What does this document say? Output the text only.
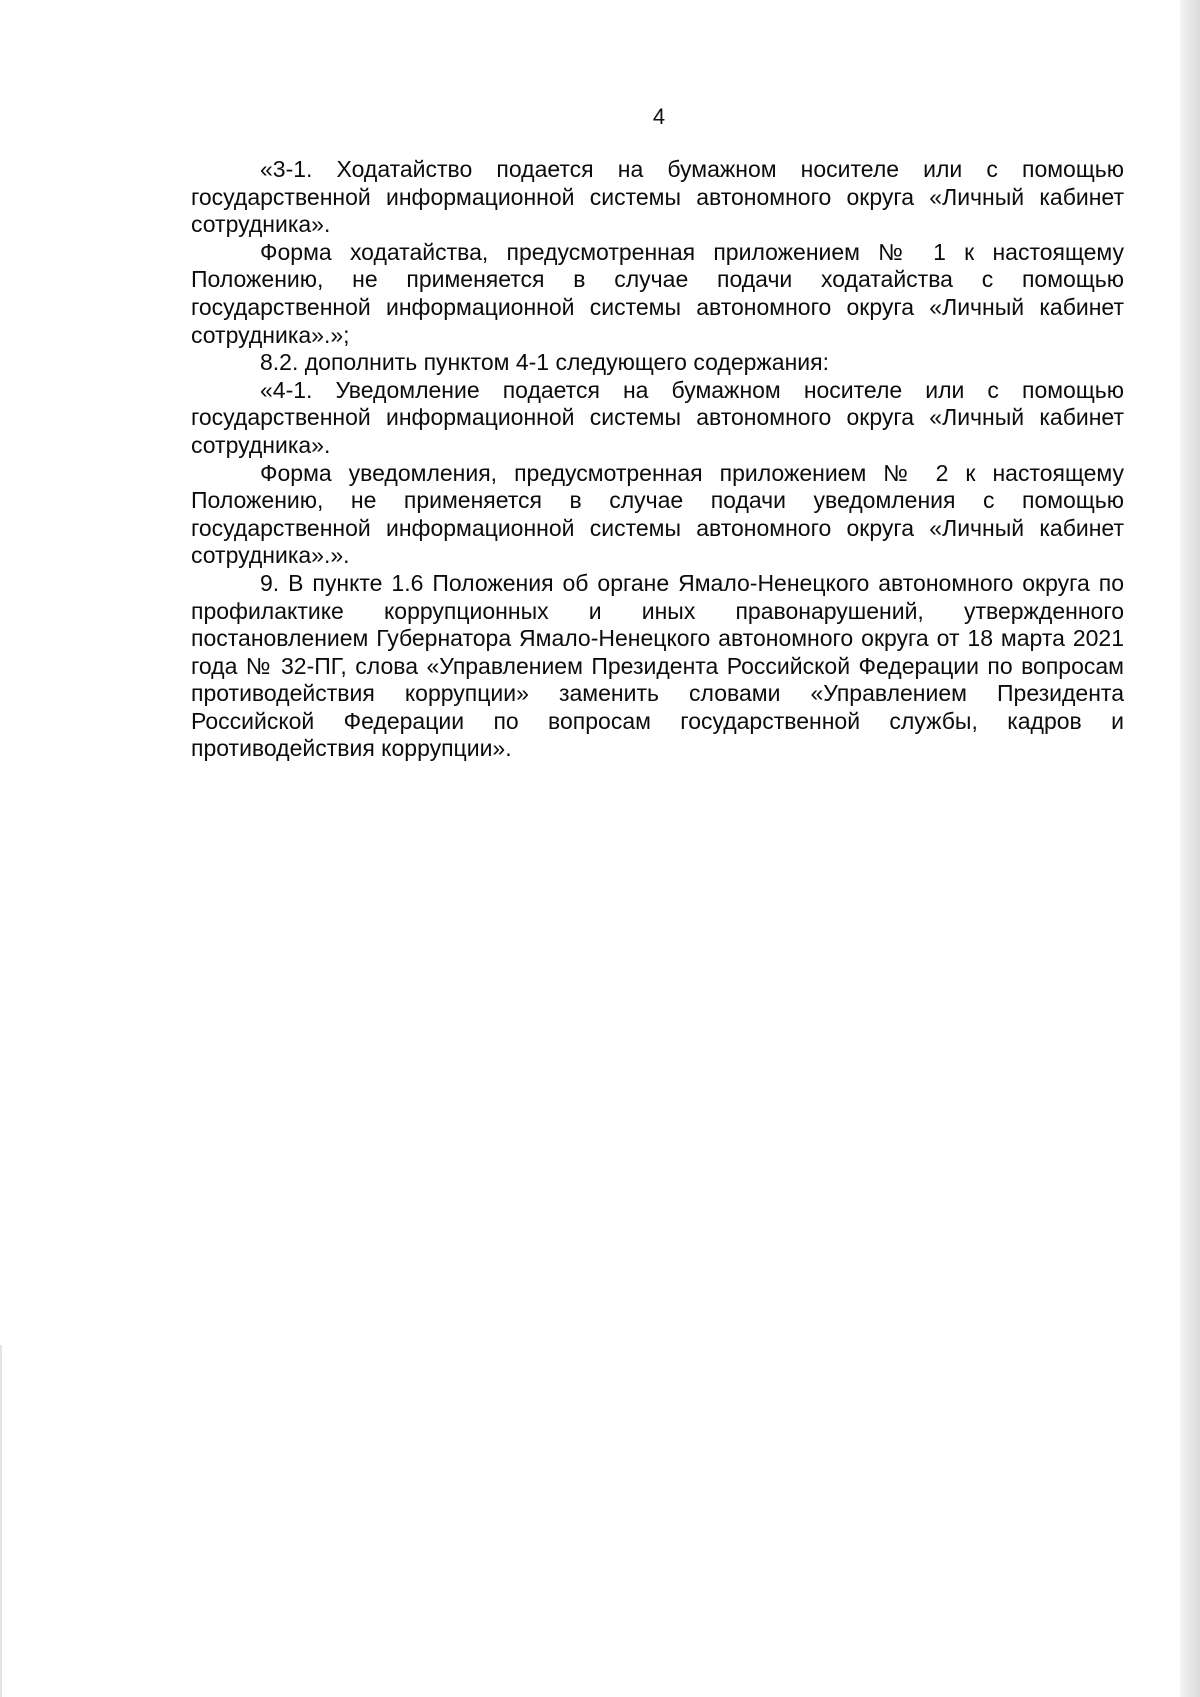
4

«3-1. Ходатайство подается на бумажном носителе или с помощью государственной информационной системы автономного округа «Личный кабинет сотрудника».

Форма ходатайства, предусмотренная приложением № 1 к настоящему Положению, не применяется в случае подачи ходатайства с помощью государственной информационной системы автономного округа «Личный кабинет сотрудника».»;

8.2. дополнить пунктом 4-1 следующего содержания:

«4-1. Уведомление подается на бумажном носителе или с помощью государственной информационной системы автономного округа «Личный кабинет сотрудника».

Форма уведомления, предусмотренная приложением № 2 к настоящему Положению, не применяется в случае подачи уведомления с помощью государственной информационной системы автономного округа «Личный кабинет сотрудника».».

9. В пункте 1.6 Положения об органе Ямало-Ненецкого автономного округа по профилактике коррупционных и иных правонарушений, утвержденного постановлением Губернатора Ямало-Ненецкого автономного округа от 18 марта 2021 года № 32-ПГ, слова «Управлением Президента Российской Федерации по вопросам противодействия коррупции» заменить словами «Управлением Президента Российской Федерации по вопросам государственной службы, кадров и противодействия коррупции».
